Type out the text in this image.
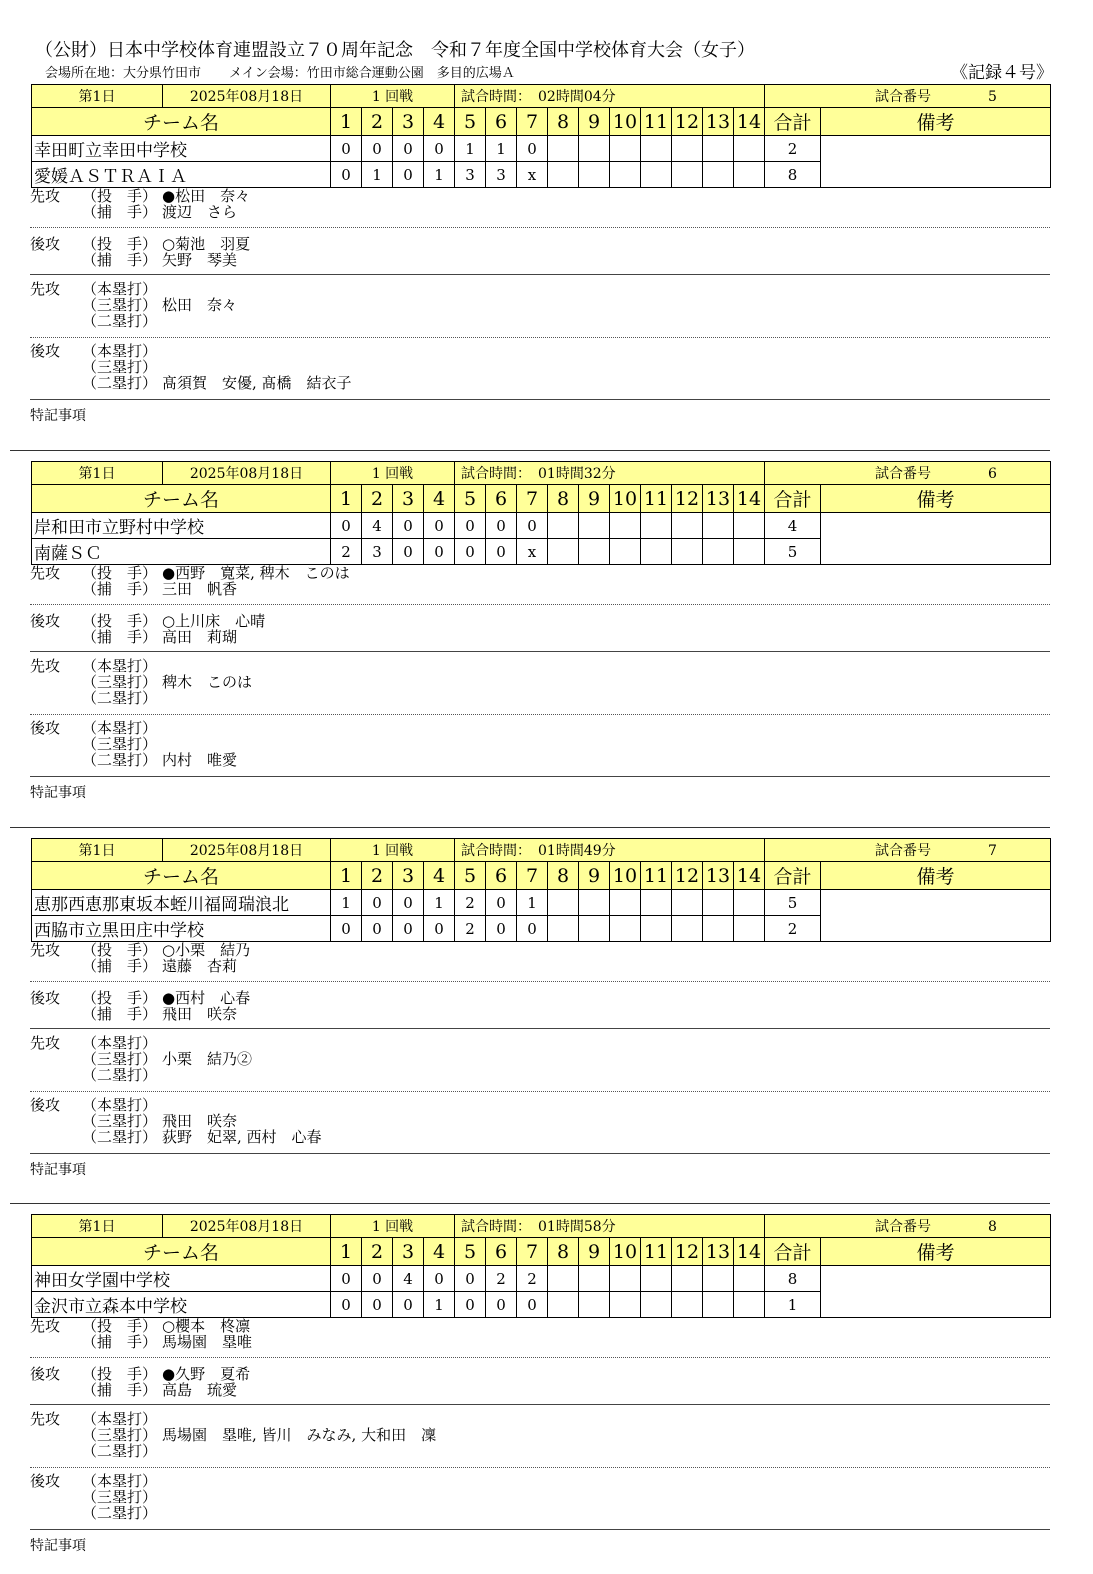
（公財）日本中学校体育連盟設立７０周年記念　令和７年度全国中学校体育大会（女子）
会場所在地：大分県竹田市 メイン会場：竹田市総合運動公園　多目的広場Ａ	《記録４号》
第1日	2025年08月18日	1 回戦				試合時間：　 02時間04分										試合番号 5	
チーム名		1	2	3	4	5	6	7	8	9	10	11	12	13	14	合計	備考
幸田町立幸田中学校		0	0	0	0	1	1	0								2	
愛媛ＡＳＴＲＡＩＡ		0	1	0	1	3	3	x								8	
先攻 （投　手） ●松田　奈々
（捕　手） 渡辺　さら
後攻 （投　手） ○菊池　羽夏
（捕　手） 矢野　琴美
先攻 （本塁打）
（三塁打） 松田　奈々
（二塁打）
後攻 （本塁打）
（三塁打）
（二塁打） 髙須賀　安優, 髙橋　結衣子
特記事項
第1日	2025年08月18日	1 回戦				試合時間：　 01時間32分										試合番号 6	
チーム名		1	2	3	4	5	6	7	8	9	10	11	12	13	14	合計	備考
岸和田市立野村中学校		0	4	0	0	0	0	0								4	
南薩ＳＣ		2	3	0	0	0	0	x								5	
先攻 （投　手） ●西野　寛菜, 稗木　このは
（捕　手） 三田　帆香
後攻 （投　手） ○上川床　心晴
（捕　手） 高田　莉瑚
先攻 （本塁打）
（三塁打） 稗木　このは
（二塁打）
後攻 （本塁打）
（三塁打）
（二塁打） 内村　唯愛
特記事項
第1日	2025年08月18日	1 回戦				試合時間：　 01時間49分										試合番号 7	
チーム名		1	2	3	4	5	6	7	8	9	10	11	12	13	14	合計	備考
恵那西恵那東坂本蛭川福岡瑞浪北		1	0	0	1	2	0	1								5	
西脇市立黒田庄中学校		0	0	0	0	2	0	0								2	
先攻 （投　手） ○小栗　結乃
（捕　手） 遠藤　杏莉
後攻 （投　手） ●西村　心春
（捕　手） 飛田　咲奈
先攻 （本塁打）
（三塁打） 小栗　結乃②
（二塁打）
後攻 （本塁打）
（三塁打） 飛田　咲奈
（二塁打） 荻野　妃翠, 西村　心春
特記事項
第1日	2025年08月18日	1 回戦				試合時間：　 01時間58分										試合番号 8	
チーム名		1	2	3	4	5	6	7	8	9	10	11	12	13	14	合計	備考
神田女学園中学校		0	0	4	0	0	2	2								8	
金沢市立森本中学校		0	0	0	1	0	0	0								1	
先攻 （投　手） ○櫻本　柊凛
（捕　手） 馬場園　塁唯
後攻 （投　手） ●久野　夏希
（捕　手） 高島　琉愛
先攻 （本塁打）
（三塁打） 馬場園　塁唯, 皆川　みなみ, 大和田　凜
（二塁打）
後攻 （本塁打）
（三塁打）
（二塁打）
特記事項
